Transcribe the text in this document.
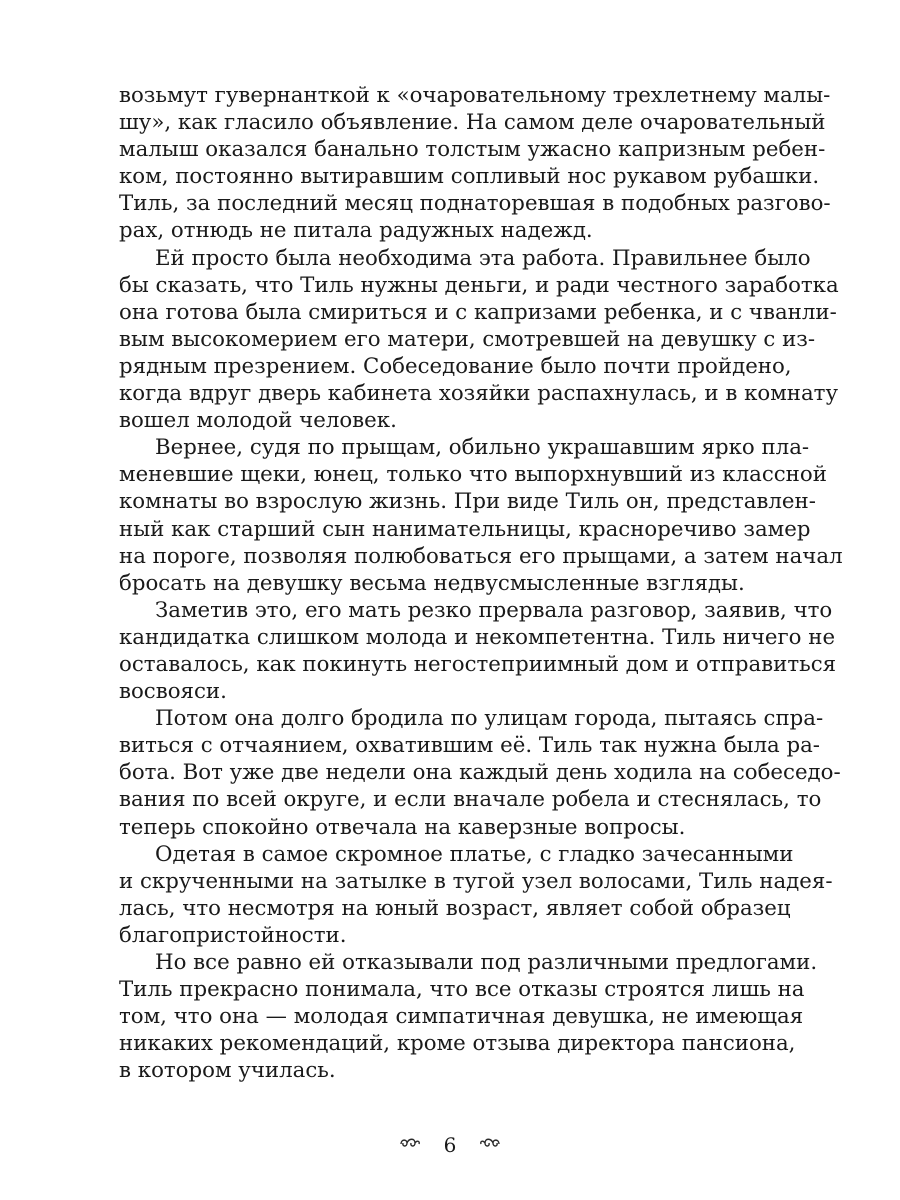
возьмут гувернанткой к «очаровательному трехлетнему малы-
шу», как гласило объявление. На самом деле очаровательный
малыш оказался банально толстым ужасно капризным ребен-
ком, постоянно вытиравшим сопливый нос рукавом рубашки.
Тиль, за последний месяц поднаторевшая в подобных разгово-
рах, отнюдь не питала радужных надежд.
Ей просто была необходима эта работа. Правильнее было
бы сказать, что Тиль нужны деньги, и ради честного заработка
она готова была смириться и с капризами ребенка, и с чванли-
вым высокомерием его матери, смотревшей на девушку с из-
рядным презрением. Собеседование было почти пройдено,
когда вдруг дверь кабинета хозяйки распахнулась, и в комнату
вошел молодой человек.
Вернее, судя по прыщам, обильно украшавшим ярко пла-
меневшие щеки, юнец, только что выпорхнувший из классной
комнаты во взрослую жизнь. При виде Тиль он, представлен-
ный как старший сын нанимательницы, красноречиво замер
на пороге, позволяя полюбоваться его прыщами, а затем начал
бросать на девушку весьма недвусмысленные взгляды.
Заметив это, его мать резко прервала разговор, заявив, что
кандидатка слишком молода и некомпетентна. Тиль ничего не
оставалось, как покинуть негостеприимный дом и отправиться
восвояси.
Потом она долго бродила по улицам города, пытаясь спра-
виться с отчаянием, охватившим её. Тиль так нужна была ра-
бота. Вот уже две недели она каждый день ходила на собеседо-
вания по всей округе, и если вначале робела и стеснялась, то
теперь спокойно отвечала на каверзные вопросы.
Одетая в самое скромное платье, с гладко зачесанными
и скрученными на затылке в тугой узел волосами, Тиль надея-
лась, что несмотря на юный возраст, являет собой образец
благопристойности.
Но все равно ей отказывали под различными предлогами.
Тиль прекрасно понимала, что все отказы строятся лишь на
том, что она — молодая симпатичная девушка, не имеющая
никаких рекомендаций, кроме отзыва директора пансиона,
в котором училась.
6
